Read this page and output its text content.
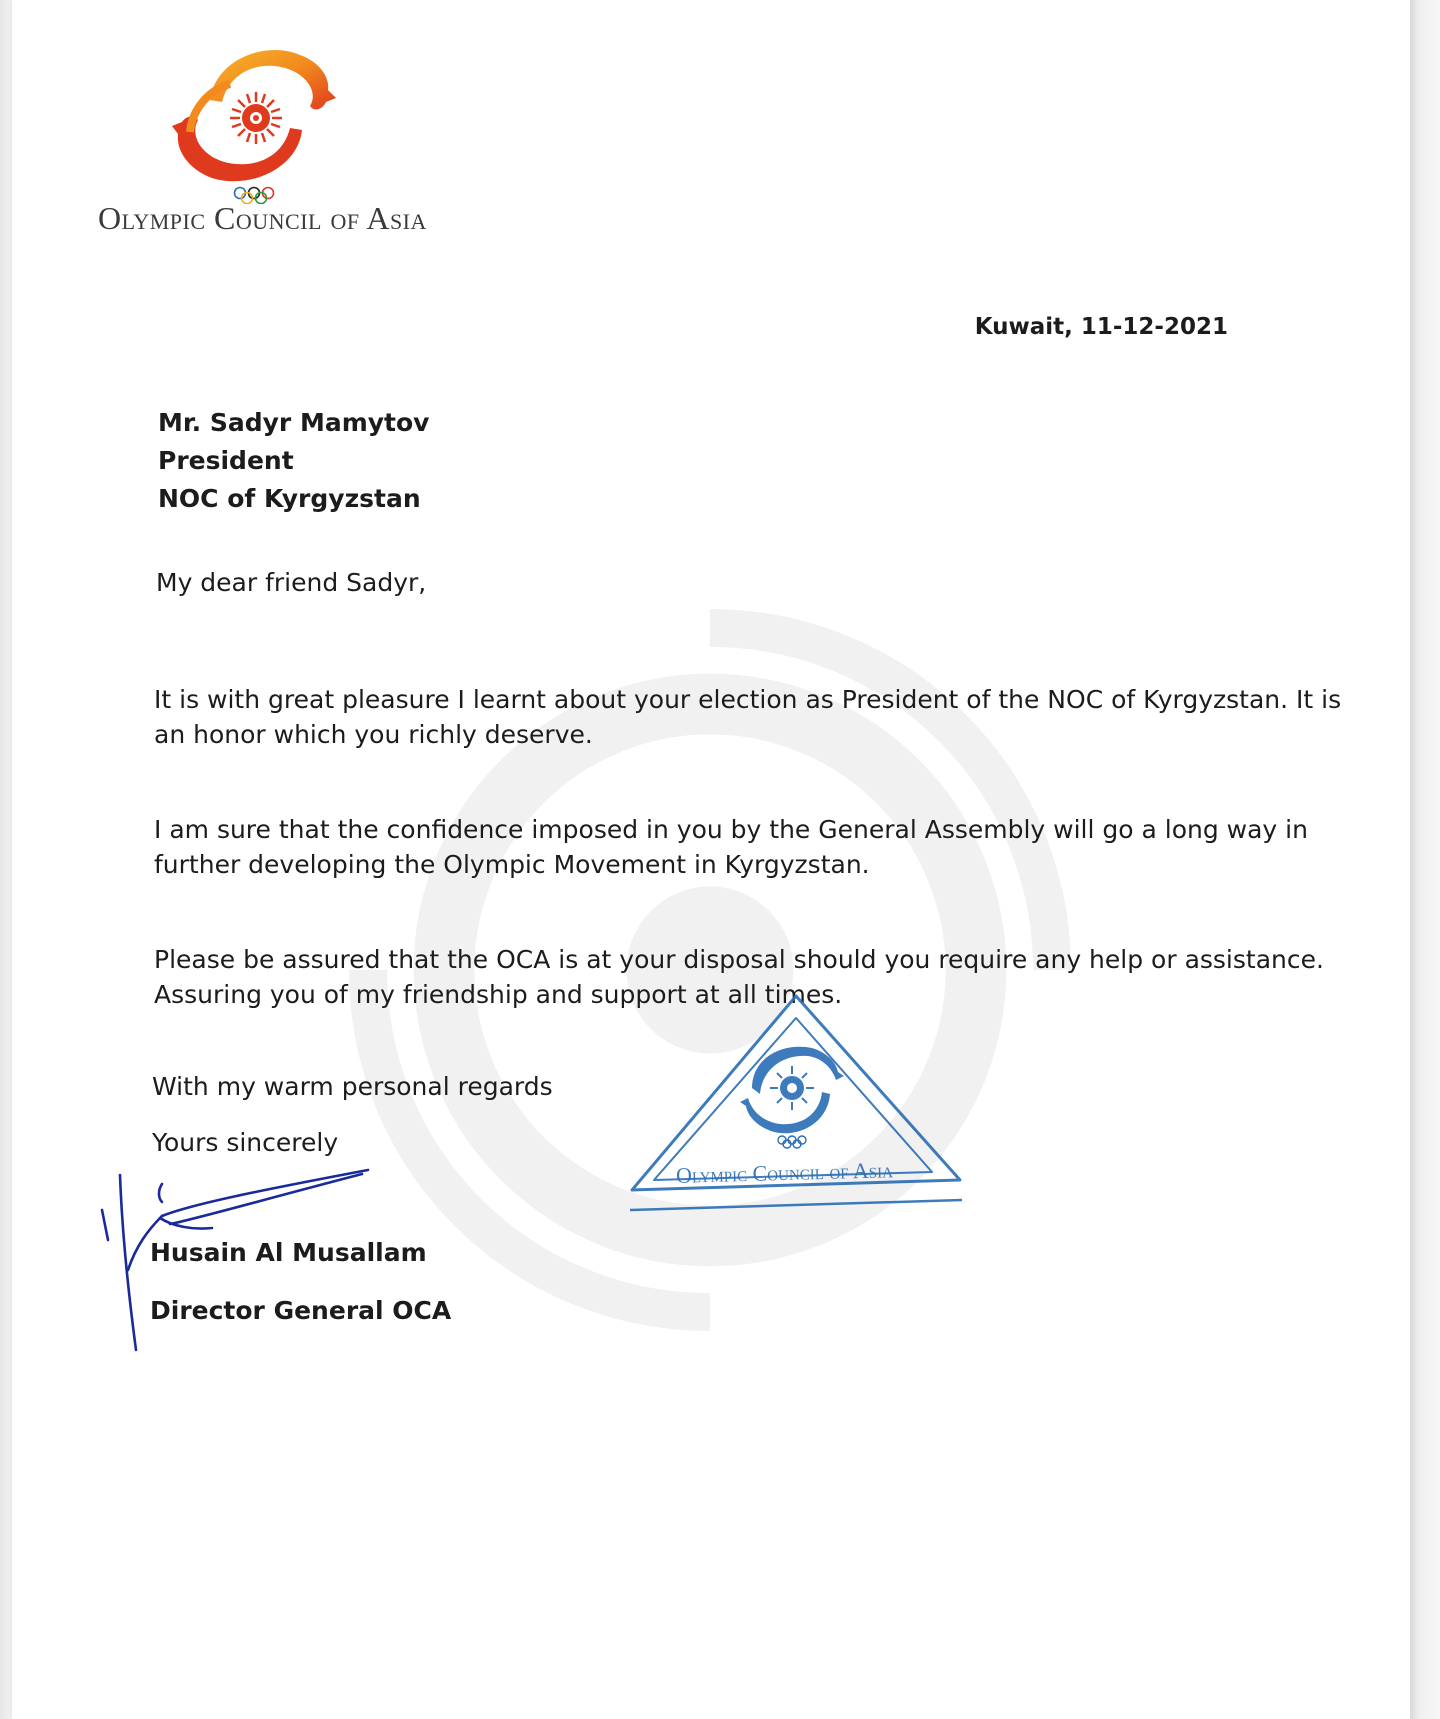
Olympic Council of Asia
Kuwait, 11-12-2021
Mr. Sadyr Mamytov
President
NOC of Kyrgyzstan
My dear friend Sadyr,
It is with great pleasure I learnt about your election as President of the NOC of Kyrgyzstan. It is
an honor which you richly deserve.
I am sure that the confidence imposed in you by the General Assembly will go a long way in
further developing the Olympic Movement in Kyrgyzstan.
Please be assured that the OCA is at your disposal should you require any help or assistance.
Assuring you of my friendship and support at all times.
With my warm personal regards
Yours sincerely
Husain Al Musallam
Director General OCA
Olympic Council of Asia
